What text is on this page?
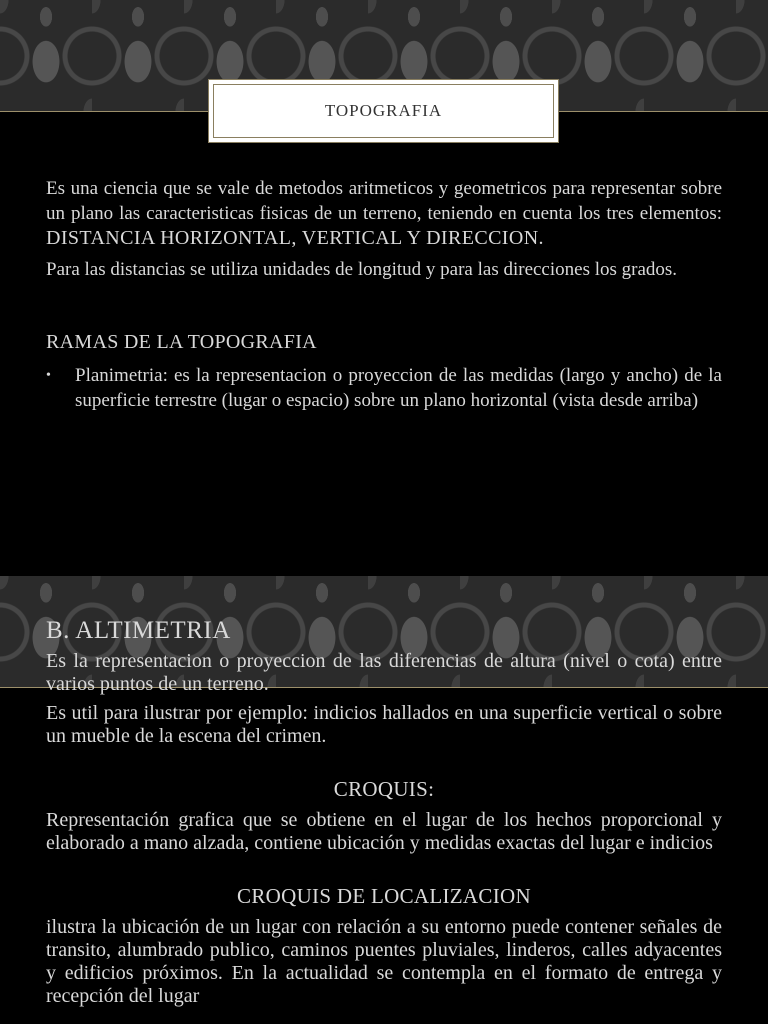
TOPOGRAFIA

Es una ciencia que se vale de metodos aritmeticos y geometricos para representar sobre un plano las caracteristicas fisicas de un terreno, teniendo en cuenta los tres elementos: DISTANCIA HORIZONTAL, VERTICAL Y DIRECCION.

Para las distancias se utiliza unidades de longitud y para las direcciones los grados.

RAMAS DE LA TOPOGRAFIA

• Planimetria: es la representacion o proyeccion de las medidas (largo y ancho) de la superficie terrestre (lugar o espacio) sobre un plano horizontal (vista desde arriba)

B. ALTIMETRIA

Es la representacion o proyeccion de las diferencias de altura (nivel o cota) entre varios puntos de un terreno.

Es util para ilustrar por ejemplo: indicios hallados en una superficie vertical o sobre un mueble de la escena del crimen.

CROQUIS:

Representación grafica que se obtiene en el lugar de los hechos proporcional y elaborado a mano alzada, contiene ubicación y medidas exactas del lugar e indicios

CROQUIS DE LOCALIZACION

ilustra la ubicación de un lugar con relación a su entorno puede contener señales de transito, alumbrado publico, caminos puentes pluviales, linderos, calles adyacentes y edificios próximos. En la actualidad se contempla en el formato de entrega y recepción del lugar
